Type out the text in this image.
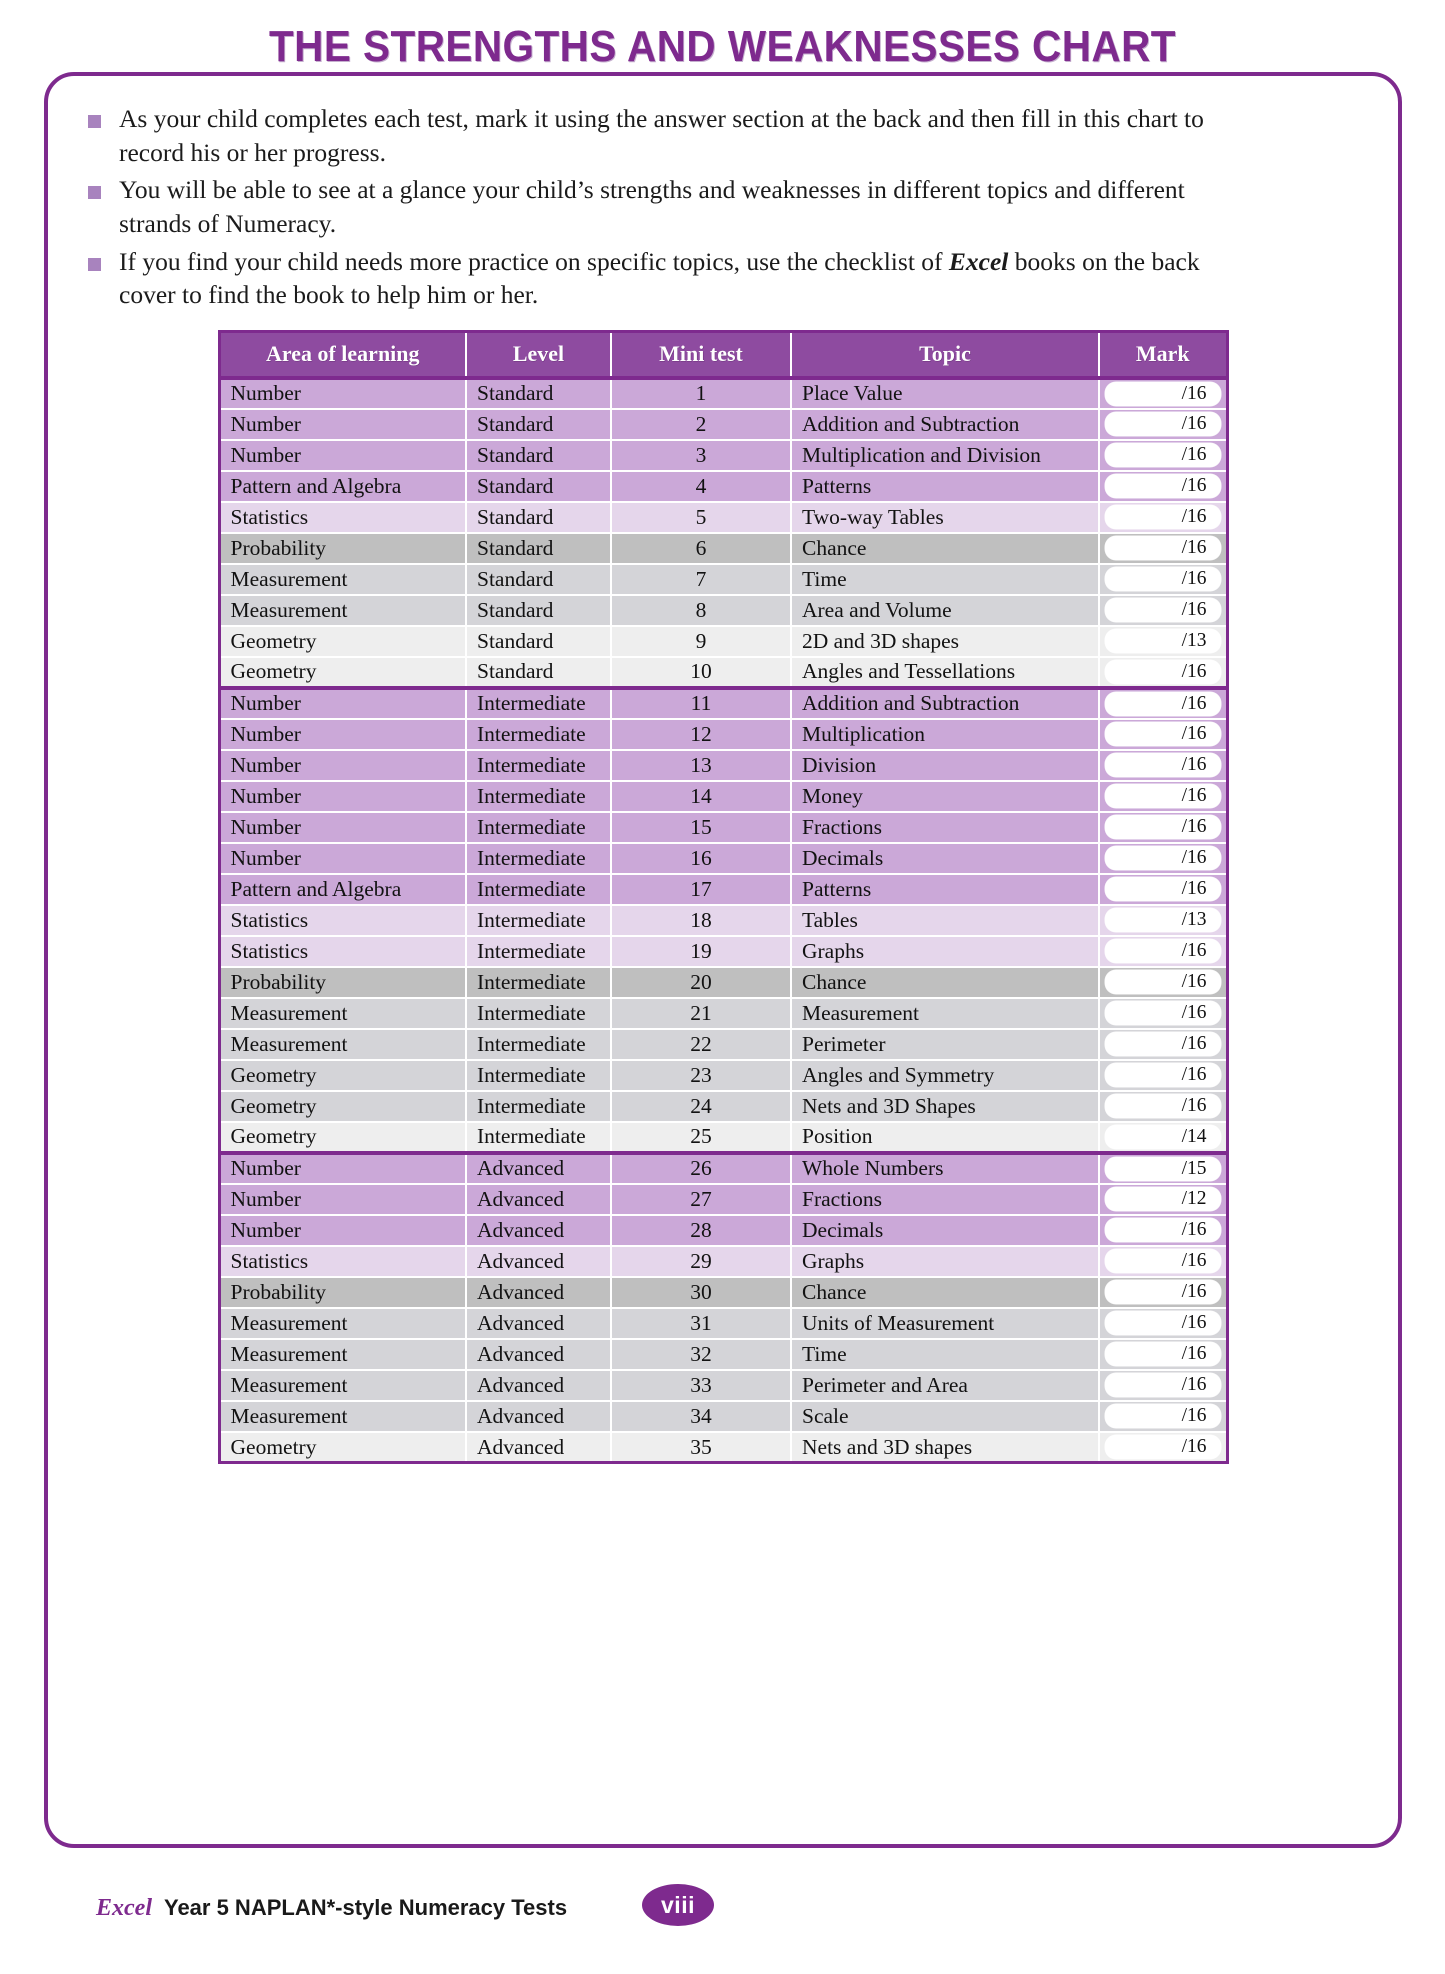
THE STRENGTHS AND WEAKNESSES CHART
As your child completes each test, mark it using the answer section at the back and then fill in this chart to record his or her progress.
You will be able to see at a glance your child’s strengths and weaknesses in different topics and different strands of Numeracy.
If you find your child needs more practice on specific topics, use the checklist of Excel books on the back cover to find the book to help him or her.
Area of learning	Level	Mini test	Topic	Mark
Number	Standard	1	Place Value	/16

Number	Standard	2	Addition and Subtraction	/16

Number	Standard	3	Multiplication and Division	/16

Pattern and Algebra	Standard	4	Patterns	/16

Statistics	Standard	5	Two-way Tables	/16

Probability	Standard	6	Chance	/16

Measurement	Standard	7	Time	/16

Measurement	Standard	8	Area and Volume	/16

Geometry	Standard	9	2D and 3D shapes	/13

Geometry	Standard	10	Angles and Tessellations	/16

Number	Intermediate	11	Addition and Subtraction	/16

Number	Intermediate	12	Multiplication	/16

Number	Intermediate	13	Division	/16

Number	Intermediate	14	Money	/16

Number	Intermediate	15	Fractions	/16

Number	Intermediate	16	Decimals	/16

Pattern and Algebra	Intermediate	17	Patterns	/16

Statistics	Intermediate	18	Tables	/13

Statistics	Intermediate	19	Graphs	/16

Probability	Intermediate	20	Chance	/16

Measurement	Intermediate	21	Measurement	/16

Measurement	Intermediate	22	Perimeter	/16

Geometry	Intermediate	23	Angles and Symmetry	/16

Geometry	Intermediate	24	Nets and 3D Shapes	/16

Geometry	Intermediate	25	Position	/14

Number	Advanced	26	Whole Numbers	/15

Number	Advanced	27	Fractions	/12

Number	Advanced	28	Decimals	/16

Statistics	Advanced	29	Graphs	/16

Probability	Advanced	30	Chance	/16

Measurement	Advanced	31	Units of Measurement	/16

Measurement	Advanced	32	Time	/16

Measurement	Advanced	33	Perimeter and Area	/16

Measurement	Advanced	34	Scale	/16

Geometry	Advanced	35	Nets and 3D shapes	/16
Excel Year 5 NAPLAN*-style Numeracy Tests	viii
